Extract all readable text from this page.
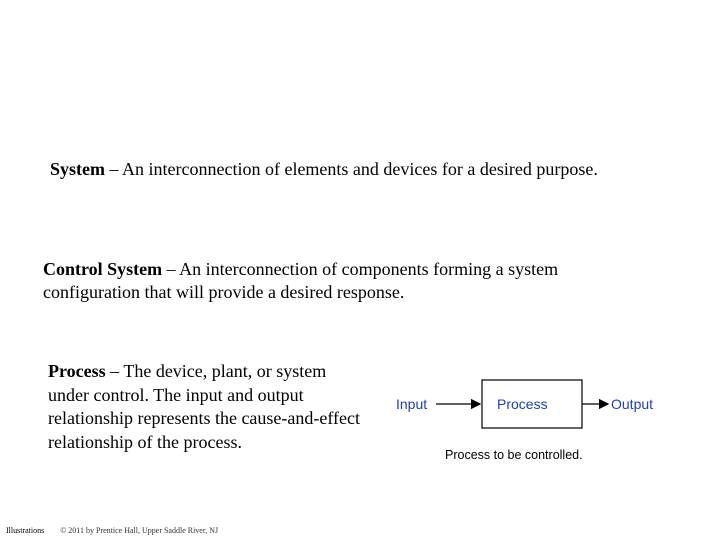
System – An interconnection of elements and devices for a desired purpose.

Control System – An interconnection of components forming a system configuration that will provide a desired response.

Process – The device, plant, or system under control. The input and output relationship represents the cause-and-effect relationship of the process.

Input	Process	Output
Process to be controlled.
Illustrations © 2011 by Prentice Hall, Upper Saddle River, NJ
